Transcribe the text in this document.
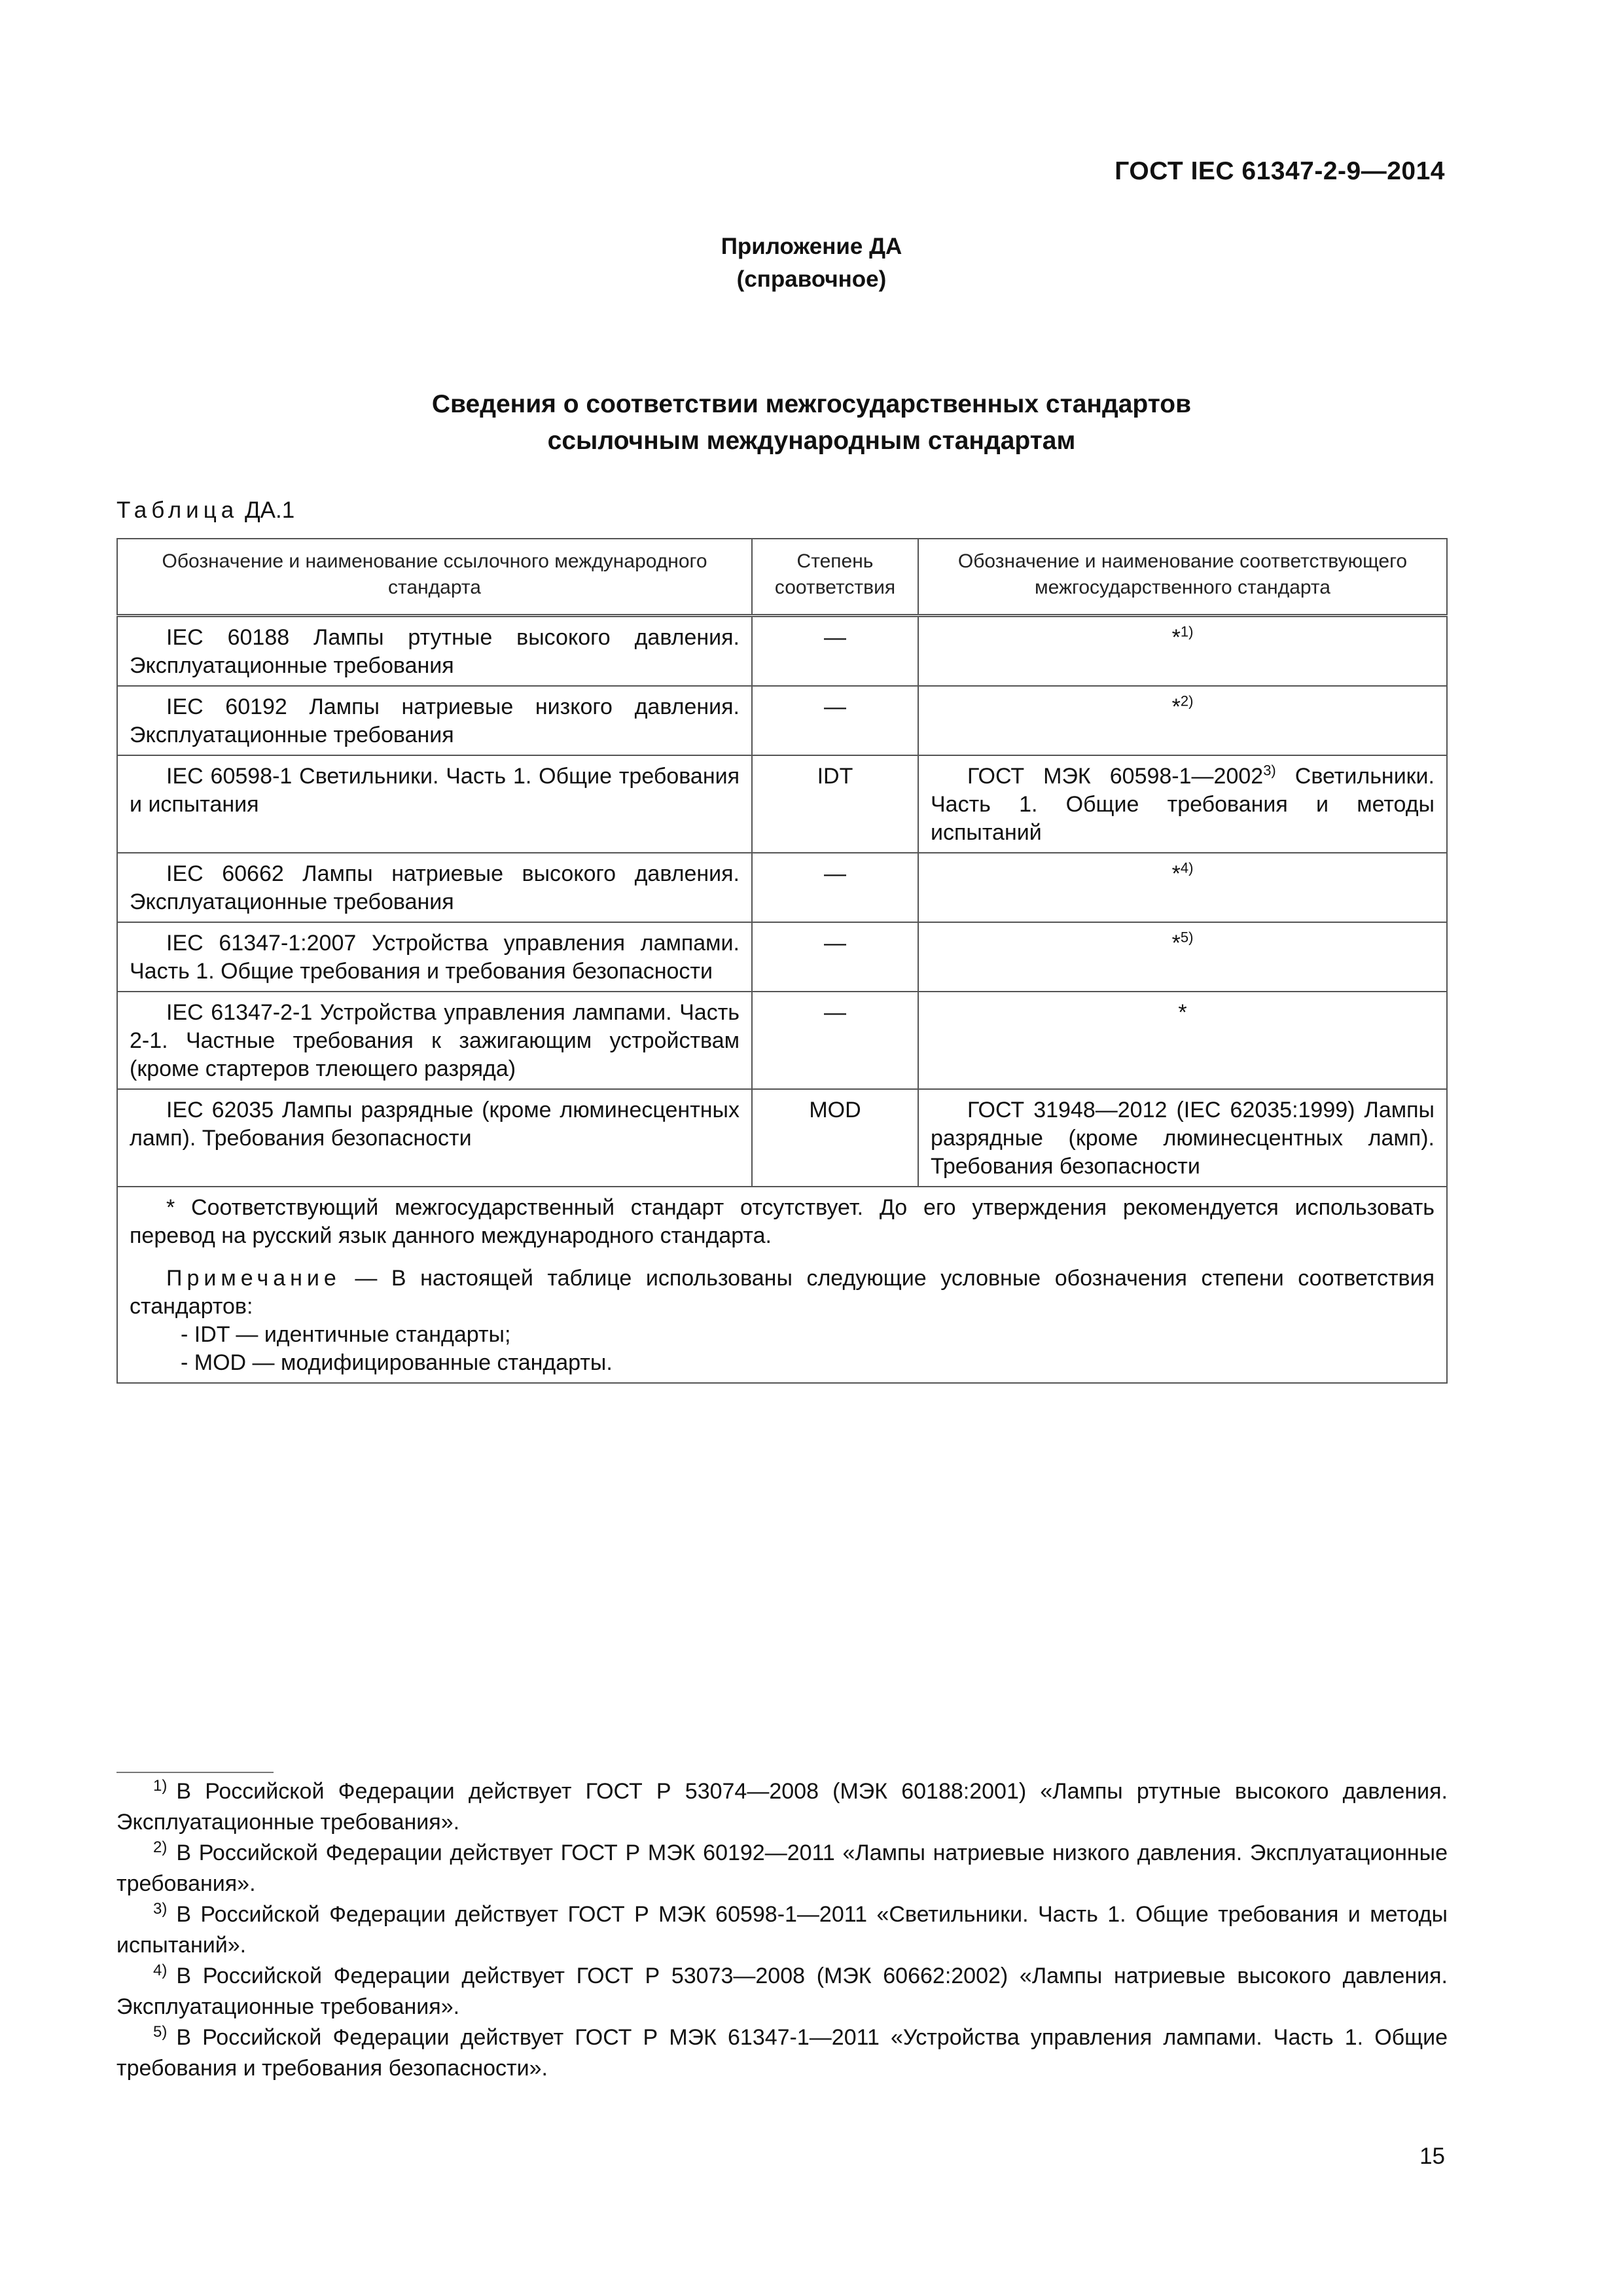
ГОСТ IEC 61347-2-9—2014
Приложение ДА
(справочное)
Сведения о соответствии межгосударственных стандартов
ссылочным международным стандартам
Таблица ДА.1
Обозначение и наименование ссылочного международного стандарта	Степень соответствия	Обозначение и наименование соответствующего межгосударственного стандарта
IEC 60188 Лампы ртутные высокого давления. Эксплуатационные требования	—	*$^{1)}$
IEC 60192 Лампы натриевые низкого давления. Эксплуатационные требования	—	*$^{2)}$
IEC 60598-1 Светильники. Часть 1. Общие требования и испытания	IDT	ГОСТ МЭК 60598-1—2002$^{3)}$ Светильники. Часть 1. Общие требования и методы испытаний
IEC 60662 Лампы натриевые высокого давления. Эксплуатационные требования	—	*$^{4)}$
IEC 61347-1:2007 Устройства управления лампами. Часть 1. Общие требования и требования безопасности	—	*$^{5)}$
IEC 61347-2-1 Устройства управления лампами. Часть 2-1. Частные требования к зажигающим устройствам (кроме стартеров тлеющего разряда)	—	*
IEC 62035 Лампы разрядные (кроме люминесцентных ламп). Требования безопасности	MOD	ГОСТ 31948—2012 (IEC 62035:1999) Лампы разрядные (кроме люминесцентных ламп). Требования безопасности

* Соответствующий межгосударственный стандарт отсутствует. До его утверждения рекомендуется использовать перевод на русский язык данного международного стандарта.

Примечание — В настоящей таблице использованы следующие условные обозначения степени соответствия стандартов:

- IDT — идентичные стандарты;

- MOD — модифицированные стандарты.		

$^{1)}$ В Российской Федерации действует ГОСТ Р 53074—2008 (МЭК 60188:2001) «Лампы ртутные высокого давления. Эксплуатационные требования».

$^{2)}$ В Российской Федерации действует ГОСТ Р МЭК 60192—2011 «Лампы натриевые низкого давления. Эксплуатационные требования».

$^{3)}$ В Российской Федерации действует ГОСТ Р МЭК 60598-1—2011 «Светильники. Часть 1. Общие требования и методы испытаний».

$^{4)}$ В Российской Федерации действует ГОСТ Р 53073—2008 (МЭК 60662:2002) «Лампы натриевые высокого давления. Эксплуатационные требования».

$^{5)}$ В Российской Федерации действует ГОСТ Р МЭК 61347-1—2011 «Устройства управления лампами. Часть 1. Общие требования и требования безопасности».

15
